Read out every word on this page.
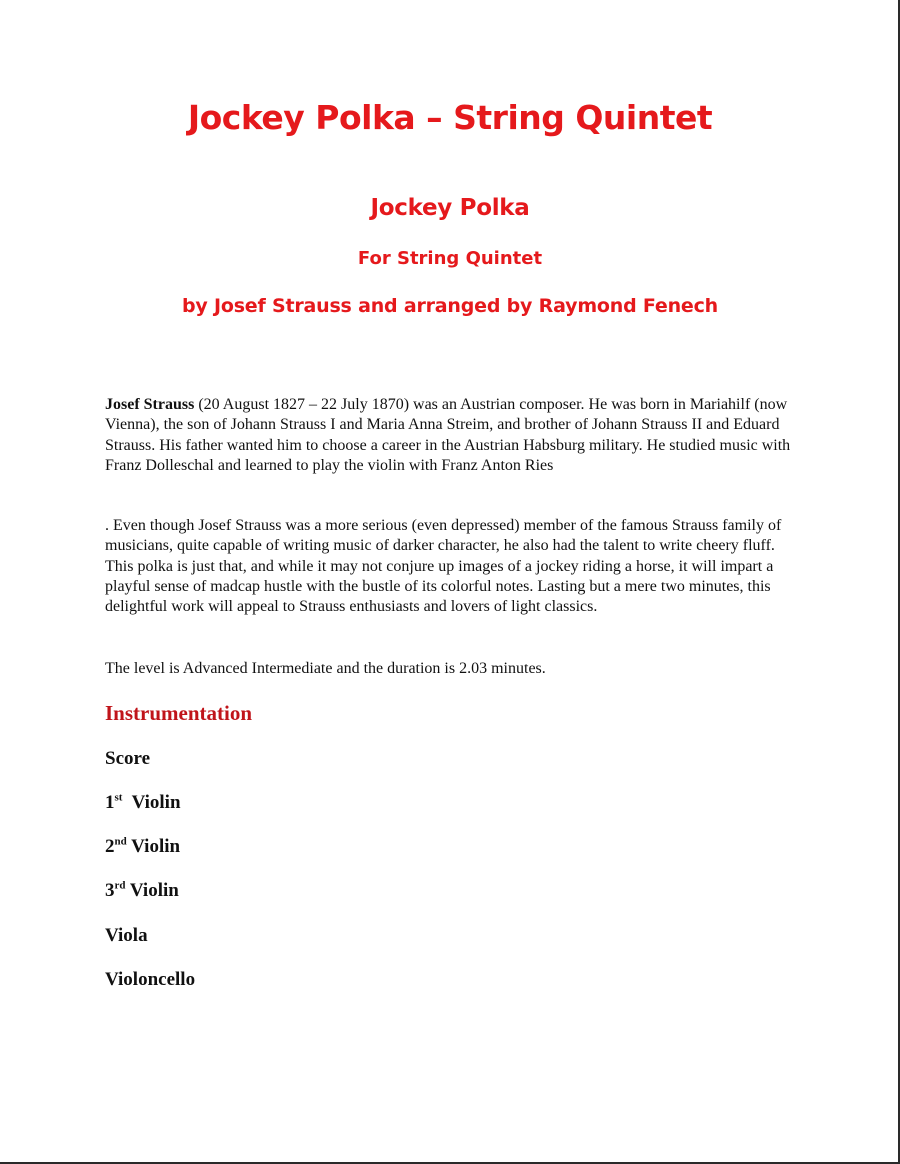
Jockey Polka – String Quintet
Jockey Polka
For String Quintet
by Josef Strauss and arranged by Raymond Fenech
Josef Strauss (20 August 1827 – 22 July 1870) was an Austrian composer. He was born in Mariahilf (now Vienna), the son of Johann Strauss I and Maria Anna Streim, and brother of Johann Strauss II and Eduard Strauss. His father wanted him to choose a career in the Austrian Habsburg military. He studied music with Franz Dolleschal and learned to play the violin with Franz Anton Ries
. Even though Josef Strauss was a more serious (even depressed) member of the famous Strauss family of musicians, quite capable of writing music of darker character, he also had the talent to write cheery fluff. This polka is just that, and while it may not conjure up images of a jockey riding a horse, it will impart a playful sense of madcap hustle with the bustle of its colorful notes. Lasting but a mere two minutes, this delightful work will appeal to Strauss enthusiasts and lovers of light classics.
The level is Advanced Intermediate and the duration is 2.03 minutes.
Instrumentation
Score
1st  Violin
2nd Violin
3rd Violin
Viola
Violoncello
